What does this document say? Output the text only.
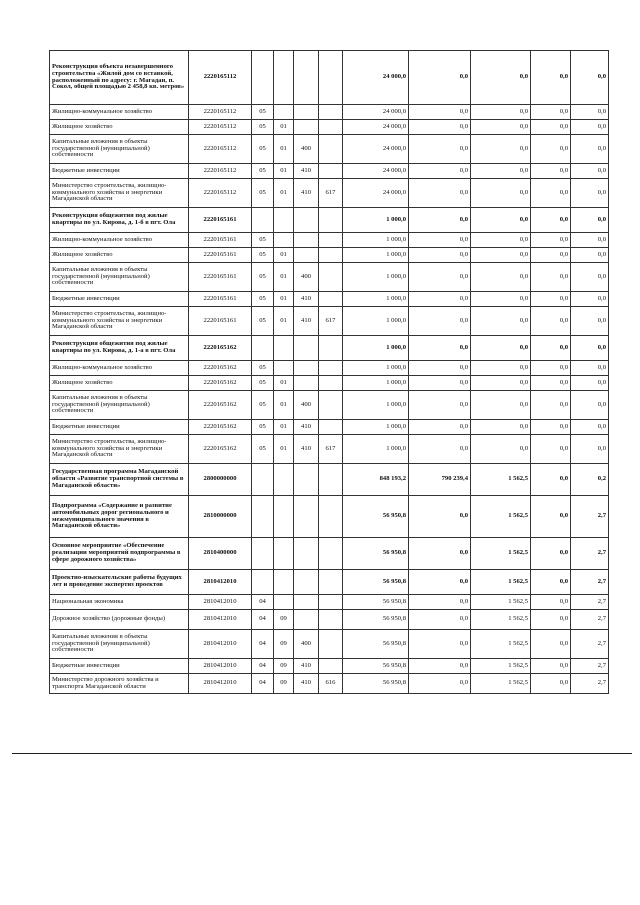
Реконструкция объекта незавершенного строительства «Жилой дом со вставкой, расположенный по адресу: г. Магадан, п. Сокол, общей площадью 2 458,8 кв. метров»	2220165112					24 000,0	0,0	0,0	0,0	0,0
Жилищно-коммунальное хозяйство	2220165112	05				24 000,0	0,0	0,0	0,0	0,0
Жилищное хозяйство	2220165112	05	01			24 000,0	0,0	0,0	0,0	0,0
Капитальные вложения в объекты государственной (муниципальной) собственности	2220165112	05	01	400		24 000,0	0,0	0,0	0,0	0,0
Бюджетные инвестиции	2220165112	05	01	410		24 000,0	0,0	0,0	0,0	0,0
Министерство строительства, жилищно-коммунального хозяйства и энергетики Магаданской области	2220165112	05	01	410	617	24 000,0	0,0	0,0	0,0	0,0
Реконструкция общежития под жилые квартиры по ул. Кирова, д. 1-б в пгт. Ола	2220165161					1 000,0	0,0	0,0	0,0	0,0
Жилищно-коммунальное хозяйство	2220165161	05				1 000,0	0,0	0,0	0,0	0,0
Жилищное хозяйство	2220165161	05	01			1 000,0	0,0	0,0	0,0	0,0
Капитальные вложения в объекты государственной (муниципальной) собственности	2220165161	05	01	400		1 000,0	0,0	0,0	0,0	0,0
Бюджетные инвестиции	2220165161	05	01	410		1 000,0	0,0	0,0	0,0	0,0
Министерство строительства, жилищно-коммунального хозяйства и энергетики Магаданской области	2220165161	05	01	410	617	1 000,0	0,0	0,0	0,0	0,0
Реконструкция общежития под жилые квартиры по ул. Кирова, д. 1-а в пгт. Ола	2220165162					1 000,0	0,0	0,0	0,0	0,0
Жилищно-коммунальное хозяйство	2220165162	05				1 000,0	0,0	0,0	0,0	0,0
Жилищное хозяйство	2220165162	05	01			1 000,0	0,0	0,0	0,0	0,0
Капитальные вложения в объекты государственной (муниципальной) собственности	2220165162	05	01	400		1 000,0	0,0	0,0	0,0	0,0
Бюджетные инвестиции	2220165162	05	01	410		1 000,0	0,0	0,0	0,0	0,0
Министерство строительства, жилищно-коммунального хозяйства и энергетики Магаданской области	2220165162	05	01	410	617	1 000,0	0,0	0,0	0,0	0,0
Государственная программа Магаданской области «Развитие транспортной системы в Магаданской области»	2800000000					848 193,2	790 239,4	1 562,5	0,0	0,2
Подпрограмма «Содержание и развитие автомобильных дорог регионального и межмуниципального значения в Магаданской области»	2810000000					56 950,8	0,0	1 562,5	0,0	2,7
Основное мероприятие «Обеспечение реализации мероприятий подпрограммы в сфере дорожного хозяйства»	2810400000					56 950,8	0,0	1 562,5	0,0	2,7
Проектно-изыскательские работы будущих лет и проведение экспертиз проектов	2810412010					56 950,8	0,0	1 562,5	0,0	2,7
Национальная экономика	2810412010	04				56 950,8	0,0	1 562,5	0,0	2,7
Дорожное хозяйство (дорожные фонды)	2810412010	04	09			56 950,8	0,0	1 562,5	0,0	2,7
Капитальные вложения в объекты государственной (муниципальной) собственности	2810412010	04	09	400		56 950,8	0,0	1 562,5	0,0	2,7
Бюджетные инвестиции	2810412010	04	09	410		56 950,8	0,0	1 562,5	0,0	2,7
Министерство дорожного хозяйства и транспорта Магаданской области	2810412010	04	09	410	616	56 950,8	0,0	1 562,5	0,0	2,7
